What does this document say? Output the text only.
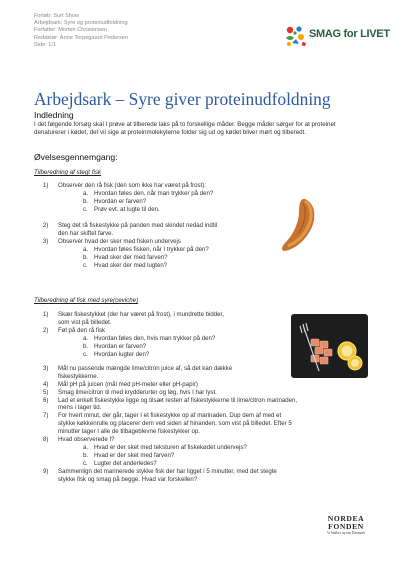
Forløb: Surt Show
Arbejdsark: Syre og proteinudfoldning
Forfatter: Morten Christensen
Redaktør: Anne Torpegaard Pedersen
Side: 1/1
SMAG for LIVET
Arbejdsark – Syre giver proteinudfoldning
Indledning

I det følgende forsøg skal I prøve at tilberede laks på to forskellige måder. Begge måder sørger for at proteinet denaturerer i kødet, det vil sige at proteinmolekylerne folder sig ud og kødet bliver mørt og tilberedt.

Øvelsesgennemgang:

Tilberedning af stegt fisk

1) Observér den rå fisk (den som ikke har været på frost):
a. Hvordan føles den, når man trykker på den?
b. Hvordan er farven?
c. Prøv evt. at lugte til den.
2) Steg det rå fiskestykke på panden med skindet nedad indtil
den har skiftet farve.
3) Observér hvad der sker med fisken undervejs
a. Hvordan føles fisken, når I trykker på den?
b. Hvad sker der med farven?
c. Hvad sker der med lugten?

Tilberedning af fisk med syre(ceviche)

1) Skær fiskestykket (der har været på frost), i mundrette bidder,
som vist på billedet.
2) Føl på den rå fisk
a. Hvordan føles den, hvis man trykker på den?
b. Hvordan er farven?
c. Hvordan lugter den?
3) Mål nu passende mængde lime/citron juice af, så det kan dække
fiskestykkerne.
4) Mål pH på juicen (mål med pH-meter eller pH-papir)
5) Smag lime/citron til med krydderurter og løg, hvis I har lyst.
6) Lad et enkelt fiskestykke ligge og tilsæt resten af fiskestykkerne til lime/citron marinaden,
mens i tager tid.
7) For hvert minut, der går, tager I et fiskestykke op af marinaden. Dup dem af med et
stykke køkkenrulle og placerer dem ved siden af hinanden, som vist på billedet. Efter 5
minutter tager I alle de tilbageblevne fiskestykker op.
8) Hvad observerede I?
a. Hvad er der sket med teksturen af fiskekødet undervejs?
b. Hvad er der sket med farven?
c. Lugter det anderledes?
9) Sammenlign det marinerede stykke fisk der har ligget i 5 minutter, med det stegte
stykke fisk og smag på begge. Hvad var forskellen?
NORDEA FONDEN
Vi bakker op om Danmark
